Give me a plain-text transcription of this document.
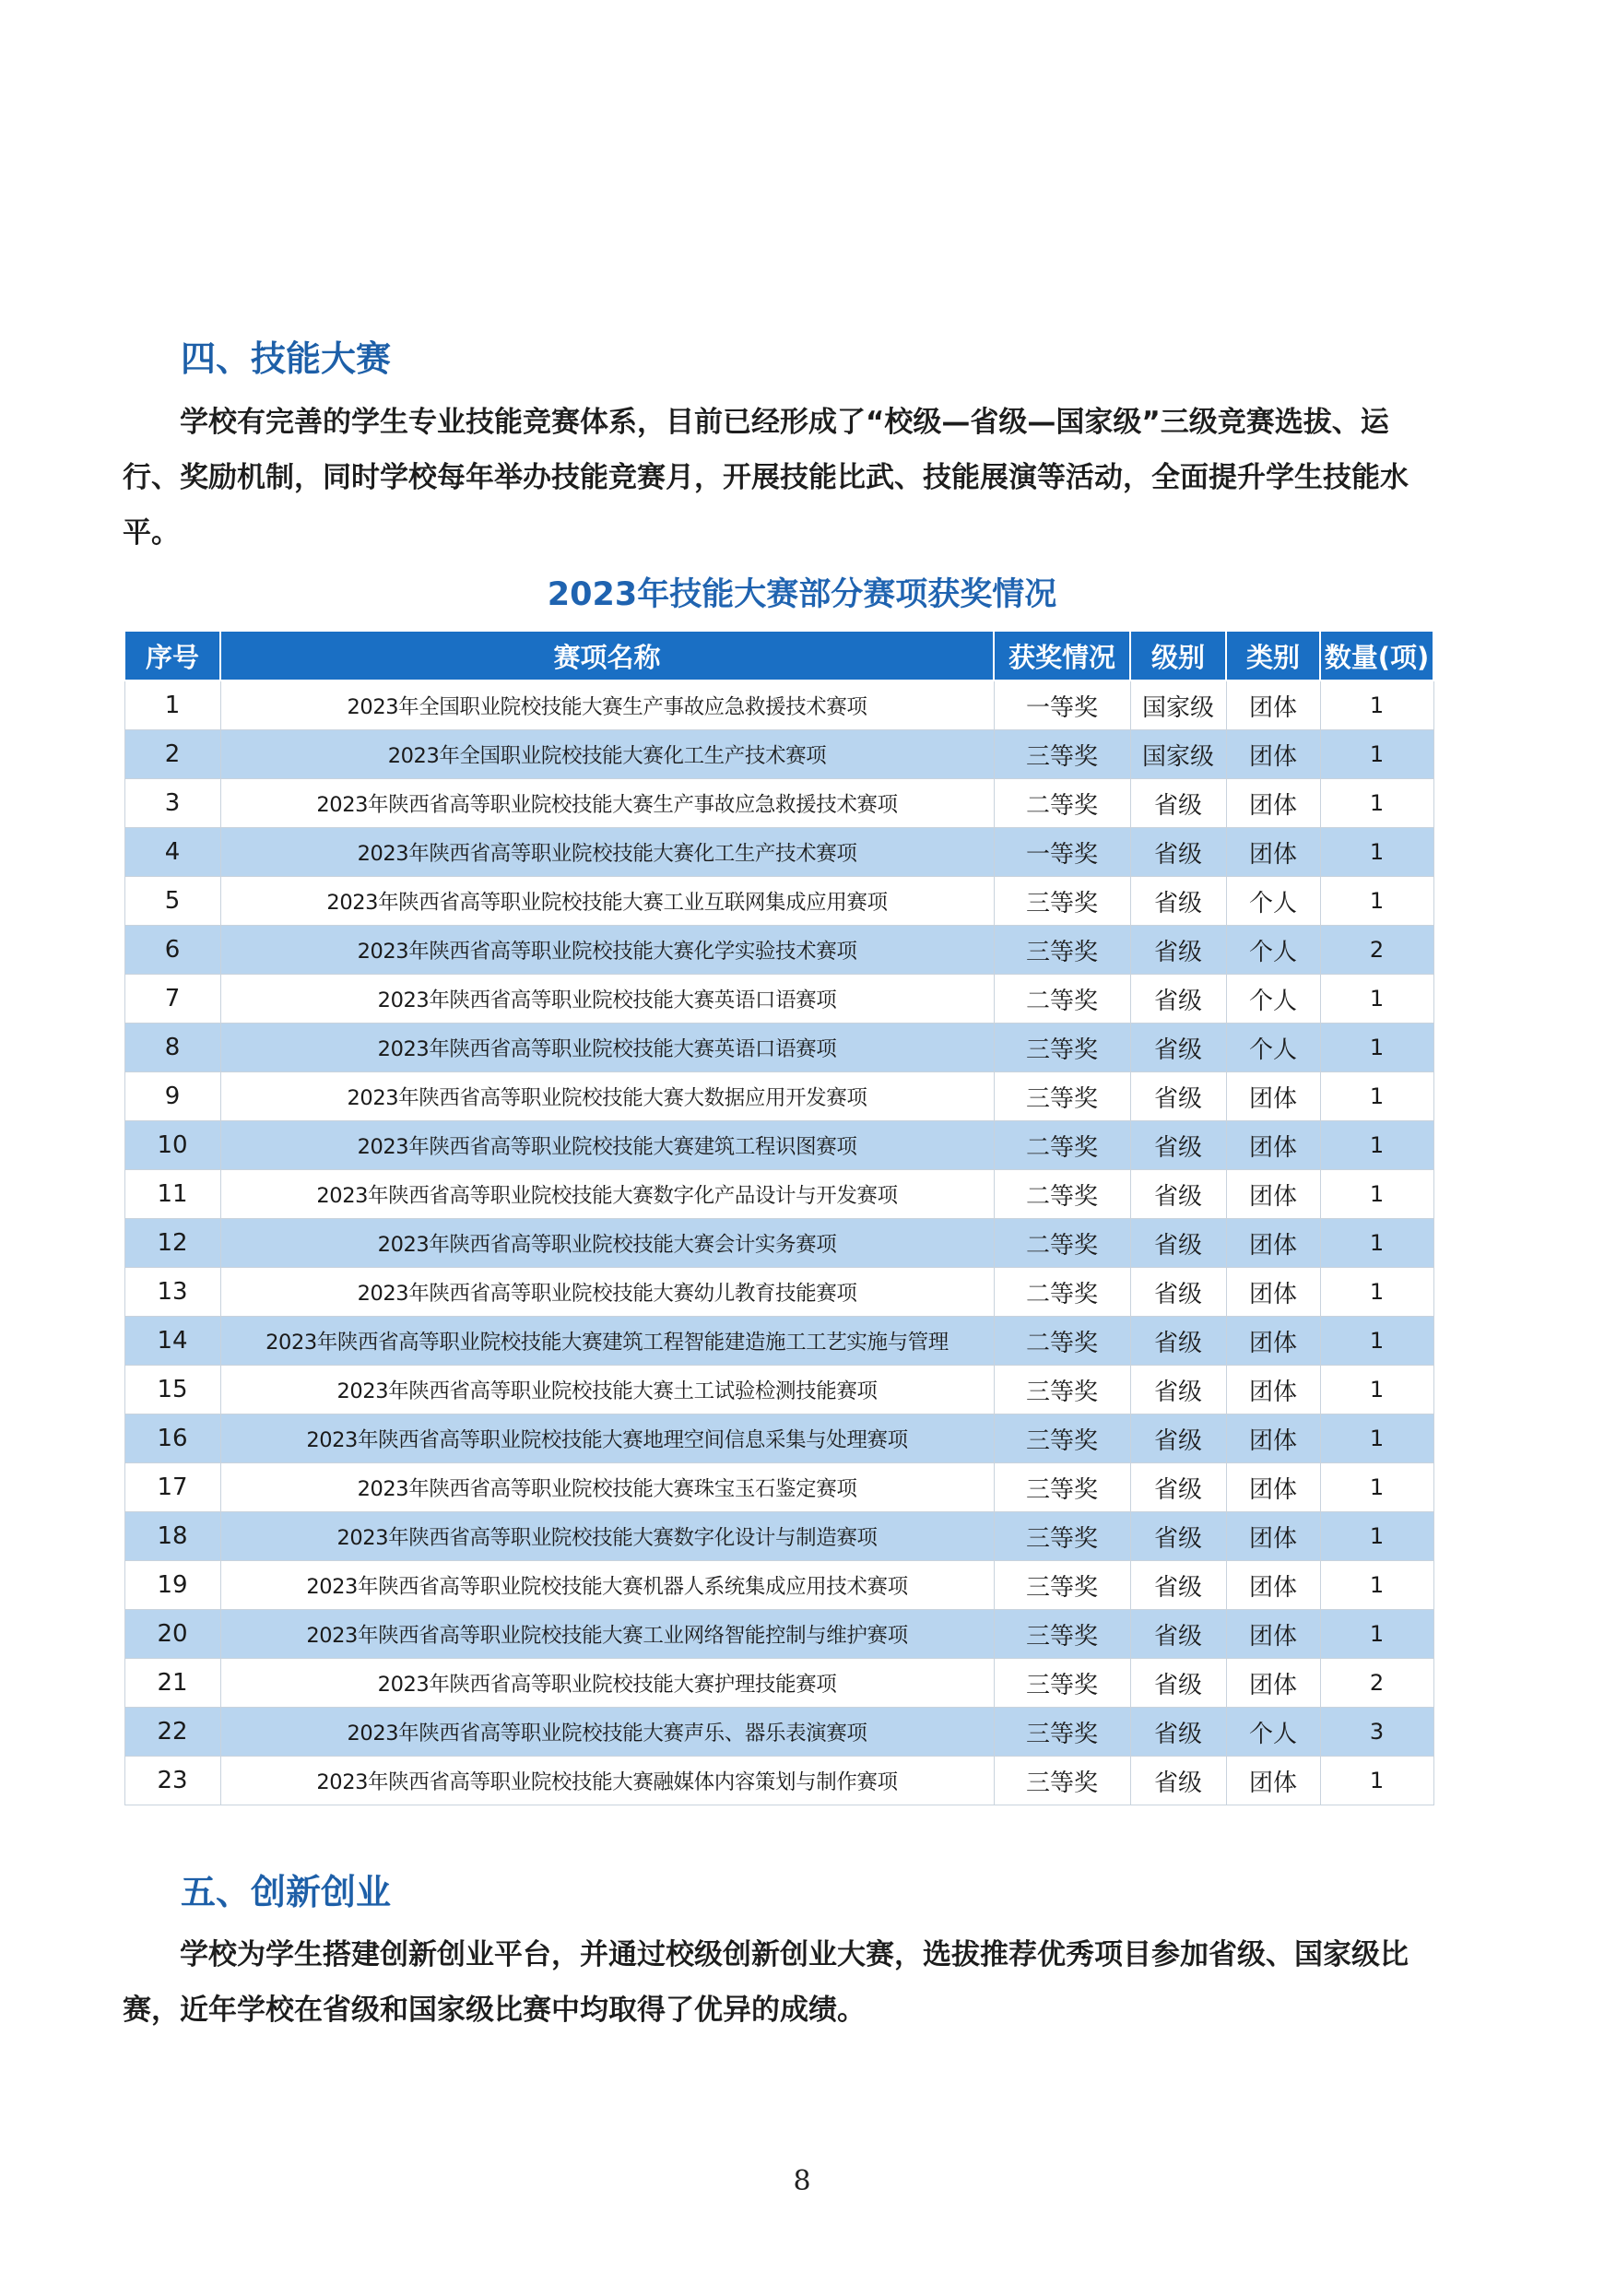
四、技能大赛

学校有完善的学生专业技能竞赛体系，目前已经形成了“校级—省级—国家级”三级竞赛选拔、运行、奖励机制，同时学校每年举办技能竞赛月，开展技能比武、技能展演等活动，全面提升学生技能水平。

2023年技能大赛部分赛项获奖情况
序号	赛项名称	获奖情况	级别	类别	数量(项)
1	2023年全国职业院校技能大赛生产事故应急救援技术赛项	一等奖	国家级	团体	1
2	2023年全国职业院校技能大赛化工生产技术赛项	三等奖	国家级	团体	1
3	2023年陕西省高等职业院校技能大赛生产事故应急救援技术赛项	二等奖	省级	团体	1
4	2023年陕西省高等职业院校技能大赛化工生产技术赛项	一等奖	省级	团体	1
5	2023年陕西省高等职业院校技能大赛工业互联网集成应用赛项	三等奖	省级	个人	1
6	2023年陕西省高等职业院校技能大赛化学实验技术赛项	三等奖	省级	个人	2
7	2023年陕西省高等职业院校技能大赛英语口语赛项	二等奖	省级	个人	1
8	2023年陕西省高等职业院校技能大赛英语口语赛项	三等奖	省级	个人	1
9	2023年陕西省高等职业院校技能大赛大数据应用开发赛项	三等奖	省级	团体	1
10	2023年陕西省高等职业院校技能大赛建筑工程识图赛项	二等奖	省级	团体	1
11	2023年陕西省高等职业院校技能大赛数字化产品设计与开发赛项	二等奖	省级	团体	1
12	2023年陕西省高等职业院校技能大赛会计实务赛项	二等奖	省级	团体	1
13	2023年陕西省高等职业院校技能大赛幼儿教育技能赛项	二等奖	省级	团体	1
14	2023年陕西省高等职业院校技能大赛建筑工程智能建造施工工艺实施与管理	二等奖	省级	团体	1
15	2023年陕西省高等职业院校技能大赛土工试验检测技能赛项	三等奖	省级	团体	1
16	2023年陕西省高等职业院校技能大赛地理空间信息采集与处理赛项	三等奖	省级	团体	1
17	2023年陕西省高等职业院校技能大赛珠宝玉石鉴定赛项	三等奖	省级	团体	1
18	2023年陕西省高等职业院校技能大赛数字化设计与制造赛项	三等奖	省级	团体	1
19	2023年陕西省高等职业院校技能大赛机器人系统集成应用技术赛项	三等奖	省级	团体	1
20	2023年陕西省高等职业院校技能大赛工业网络智能控制与维护赛项	三等奖	省级	团体	1
21	2023年陕西省高等职业院校技能大赛护理技能赛项	三等奖	省级	团体	2
22	2023年陕西省高等职业院校技能大赛声乐、器乐表演赛项	三等奖	省级	个人	3
23	2023年陕西省高等职业院校技能大赛融媒体内容策划与制作赛项	三等奖	省级	团体	1
五、创新创业

学校为学生搭建创新创业平台，并通过校级创新创业大赛，选拔推荐优秀项目参加省级、国家级比赛，近年学校在省级和国家级比赛中均取得了优异的成绩。

8
